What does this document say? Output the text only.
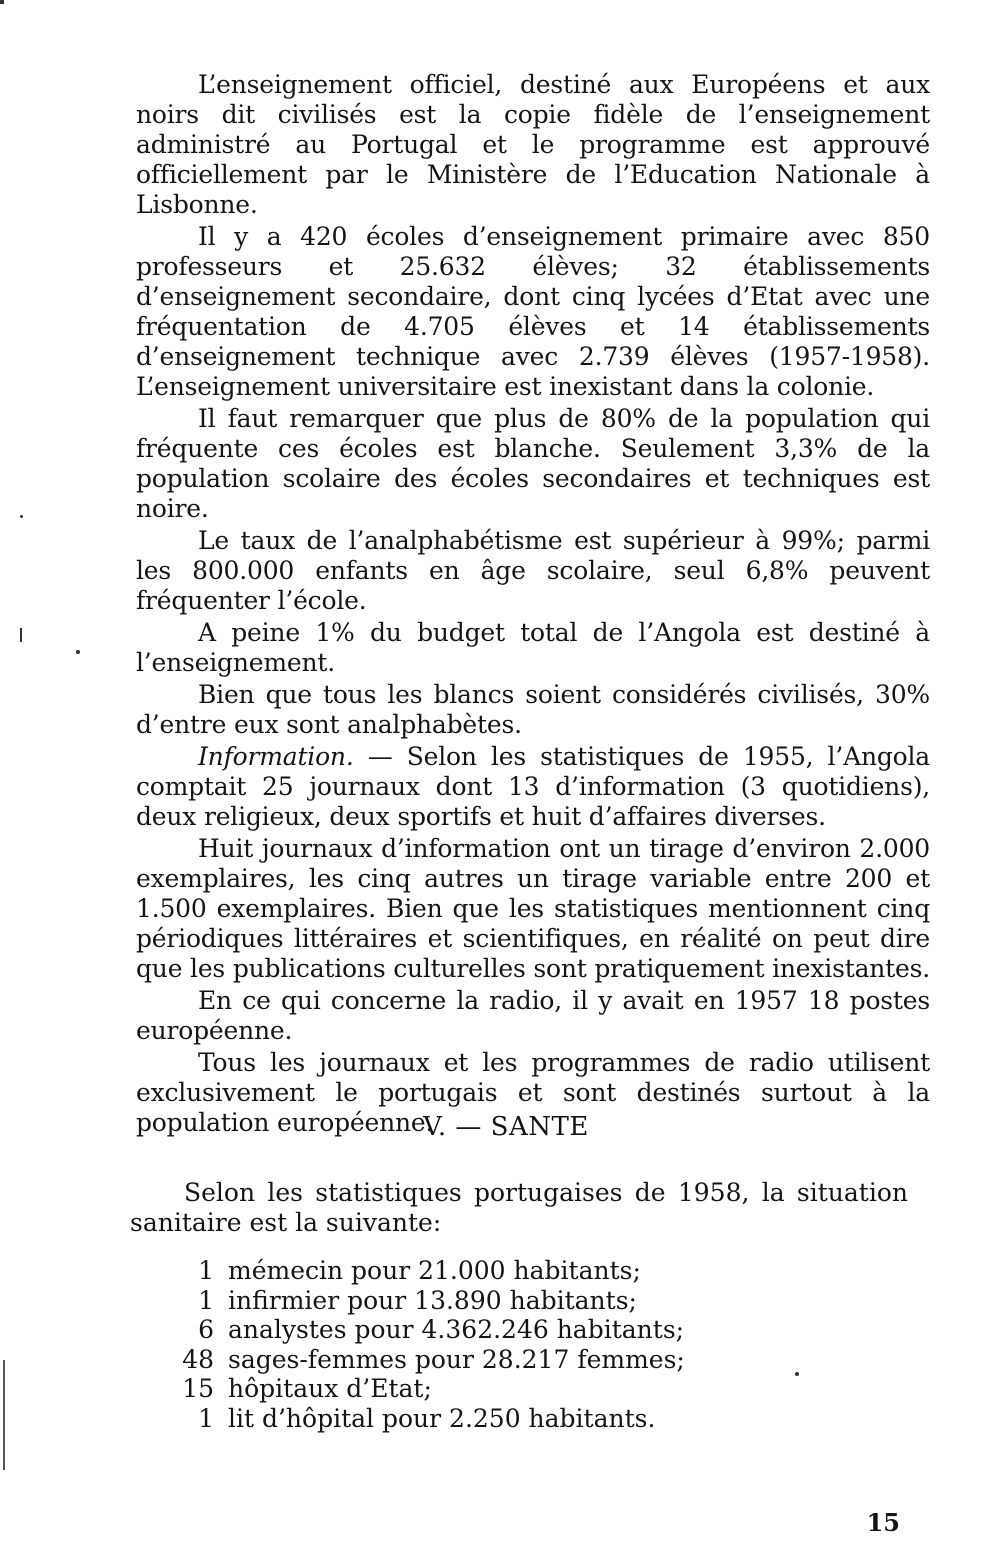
L’enseignement officiel, destiné aux Européens et aux noirs dit civilisés est la copie fidèle de l’enseignement administré au Portugal et le programme est approuvé officiellement par le Ministère de l’Education Nationale à Lisbonne.

Il y a 420 écoles d’enseignement primaire avec 850 professeurs et 25.632 élèves; 32 établissements d’enseignement secondaire, dont cinq lycées d’Etat avec une fréquentation de 4.705 élèves et 14 établissements d’enseignement technique avec 2.739 élèves (1957-1958). L’enseignement universitaire est inexistant dans la colonie.

Il faut remarquer que plus de 80% de la population qui fréquente ces écoles est blanche. Seulement 3,3% de la population scolaire des écoles secondaires et techniques est noire.

Le taux de l’analphabétisme est supérieur à 99%; parmi les 800.000 enfants en âge scolaire, seul 6,8% peuvent fréquenter l’école.

A peine 1% du budget total de l’Angola est destiné à l’enseignement.

Bien que tous les blancs soient considérés civilisés, 30% d’entre eux sont analphabètes.

Information. — Selon les statistiques de 1955, l’Angola comptait 25 journaux dont 13 d’information (3 quotidiens), deux religieux, deux sportifs et huit d’affaires diverses.

Huit journaux d’information ont un tirage d’environ 2.000 exemplaires, les cinq autres un tirage variable entre 200 et 1.500 exemplaires. Bien que les statistiques mentionnent cinq périodiques littéraires et scientifiques, en réalité on peut dire que les publications culturelles sont pratiquement inexistantes.

En ce qui concerne la radio, il y avait en 1957 18 postes européenne.

Tous les journaux et les programmes de radio utilisent exclusivement le portugais et sont destinés surtout à la population européenne.

V. — SANTE

Selon les statistiques portugaises de 1958, la situation sanitaire est la suivante:

1 mémecin pour 21.000 habitants;
1 infirmier pour 13.890 habitants;
6 analystes pour 4.362.246 habitants;
48 sages-femmes pour 28.217 femmes;
15 hôpitaux d’Etat;
1 lit d’hôpital pour 2.250 habitants.
15
